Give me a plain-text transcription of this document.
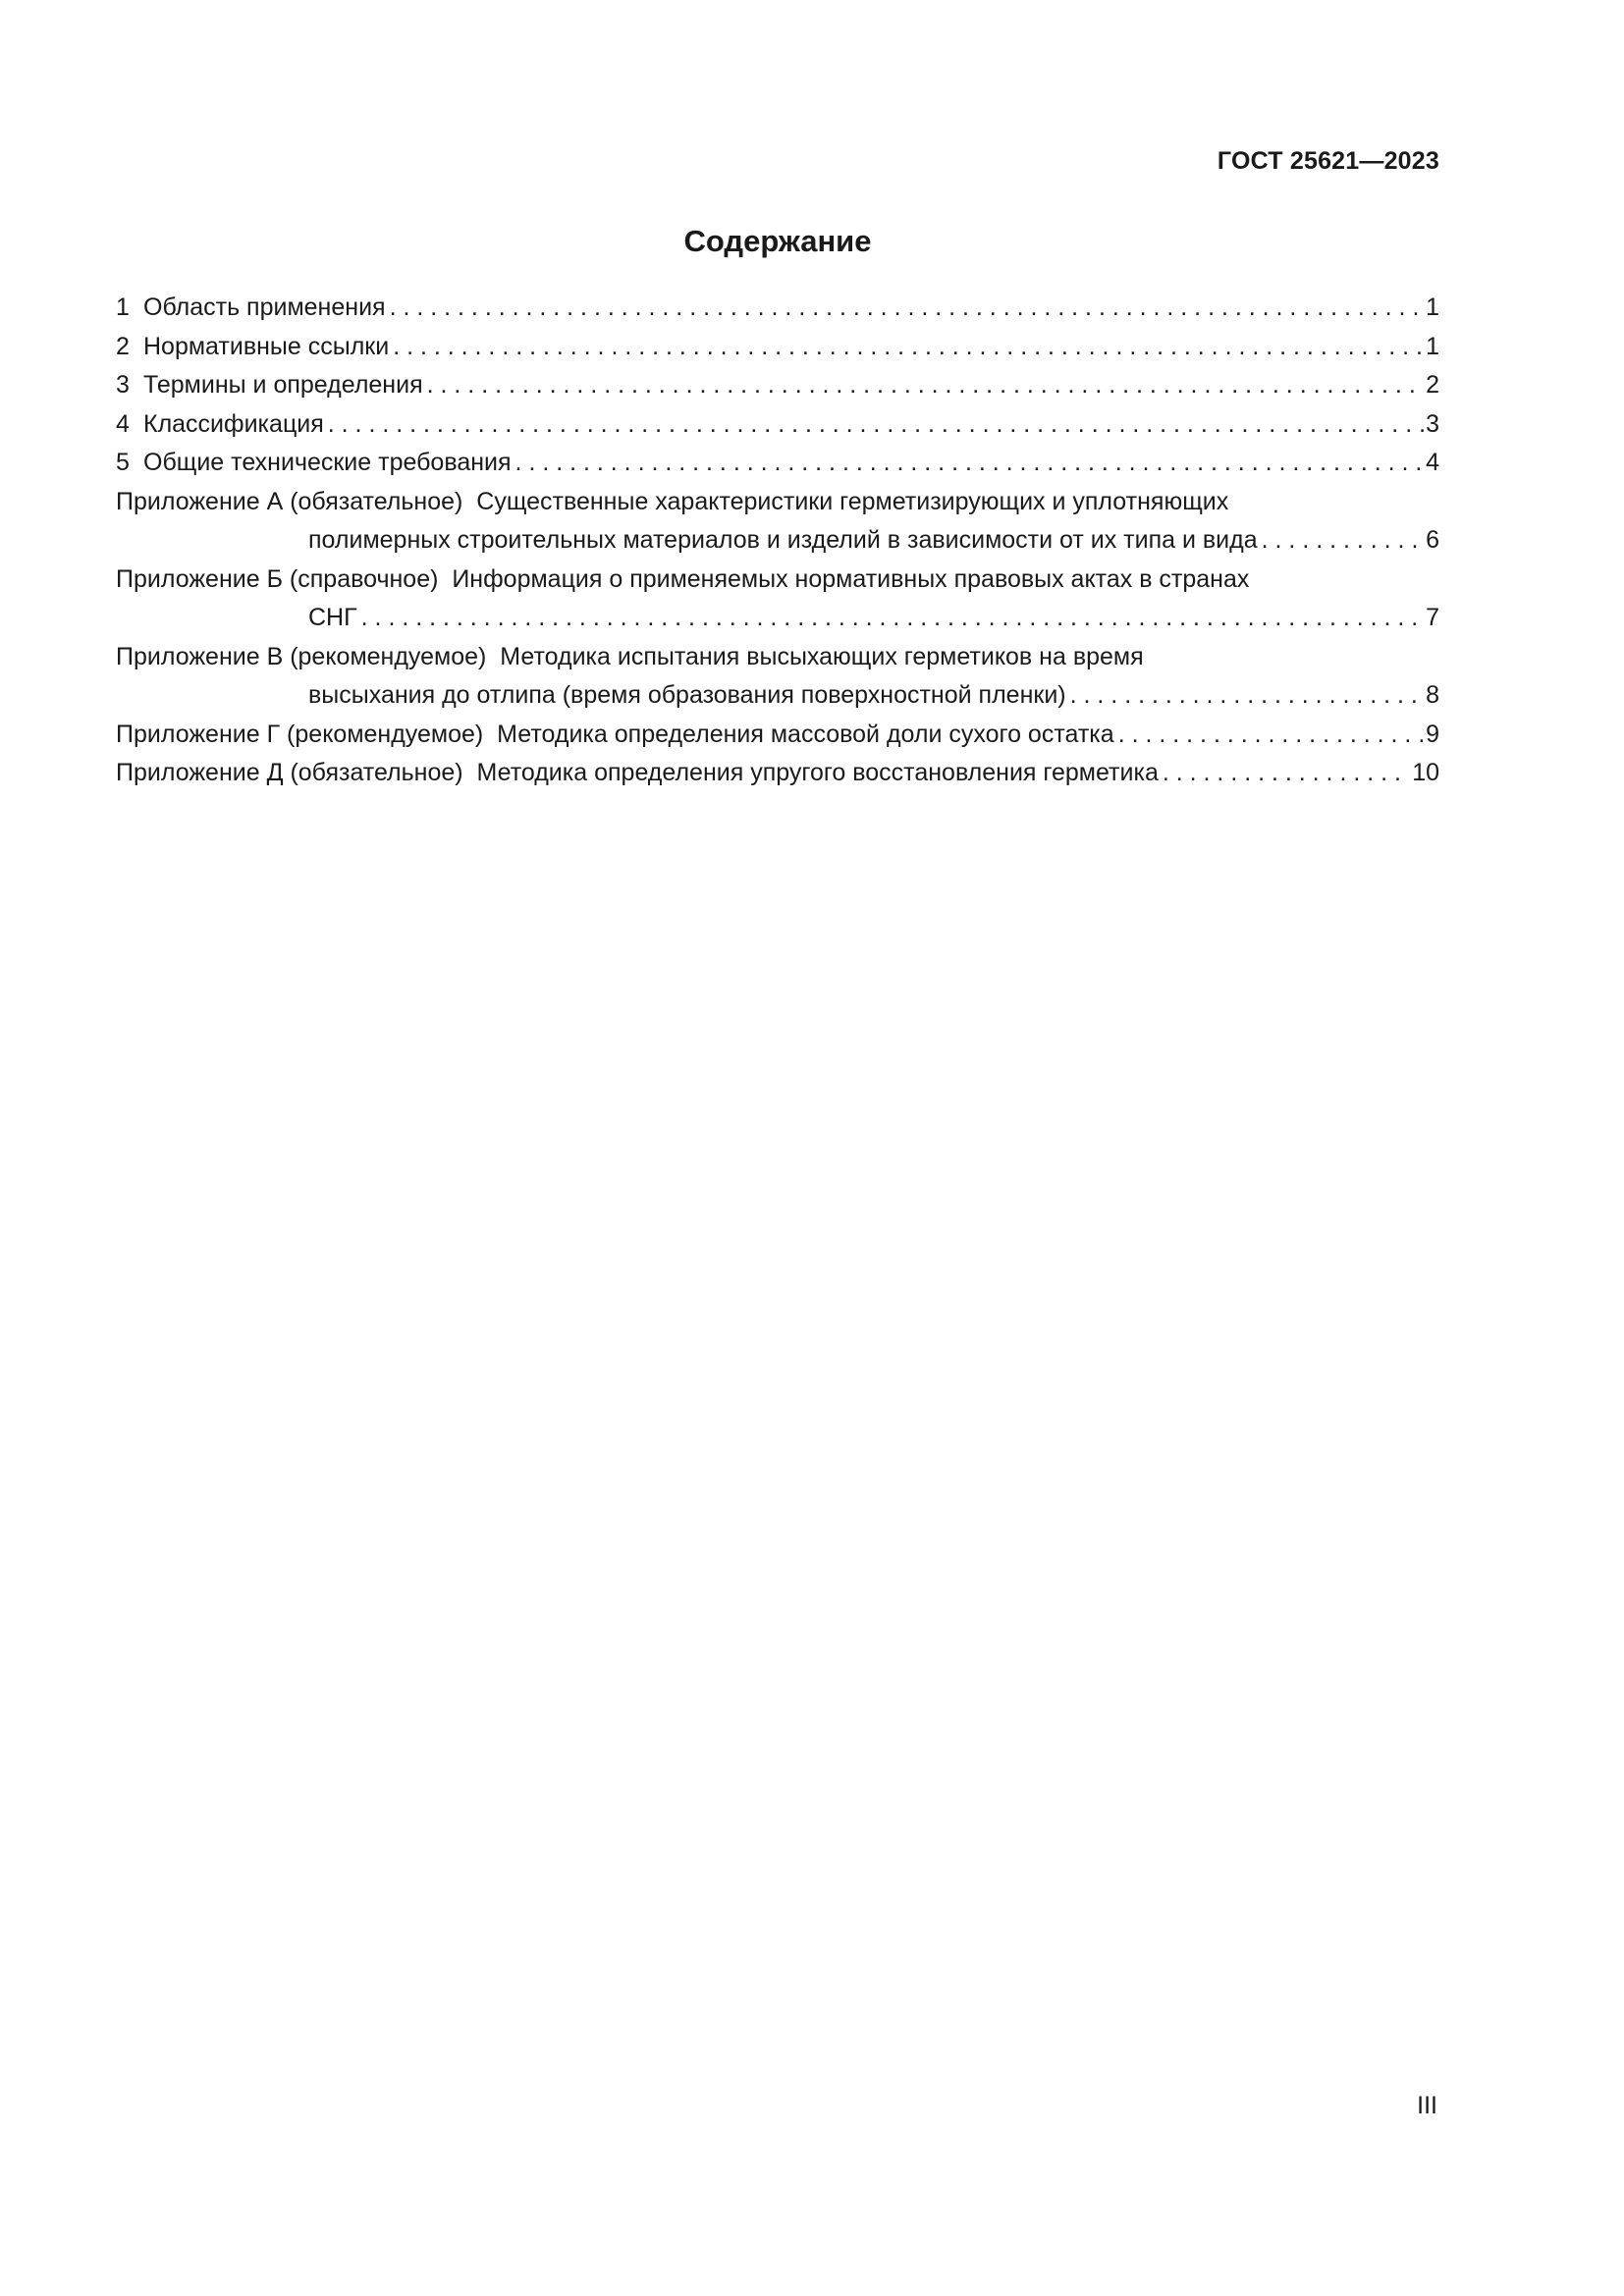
ГОСТ 25621—2023
Содержание
1 Область применения . . .	1
2 Нормативные ссылки . . .	1
3 Термины и определения . . .	2
4 Классификация . . .	3
5 Общие технические требования . . .	4
Приложение А (обязательное) Существенные характеристики герметизирующих и уплотняющих
полимерных строительных материалов и изделий в зависимости от их типа и вида . . .	6
Приложение Б (справочное) Информация о применяемых нормативных правовых актах в странах
СНГ . . .	7
Приложение В (рекомендуемое) Методика испытания высыхающих герметиков на время
высыхания до отлипа (время образования поверхностной пленки) . . .	8
Приложение Г (рекомендуемое) Методика определения массовой доли сухого остатка . . .	9
Приложение Д (обязательное) Методика определения упругого восстановления герметика . . .	10
III
